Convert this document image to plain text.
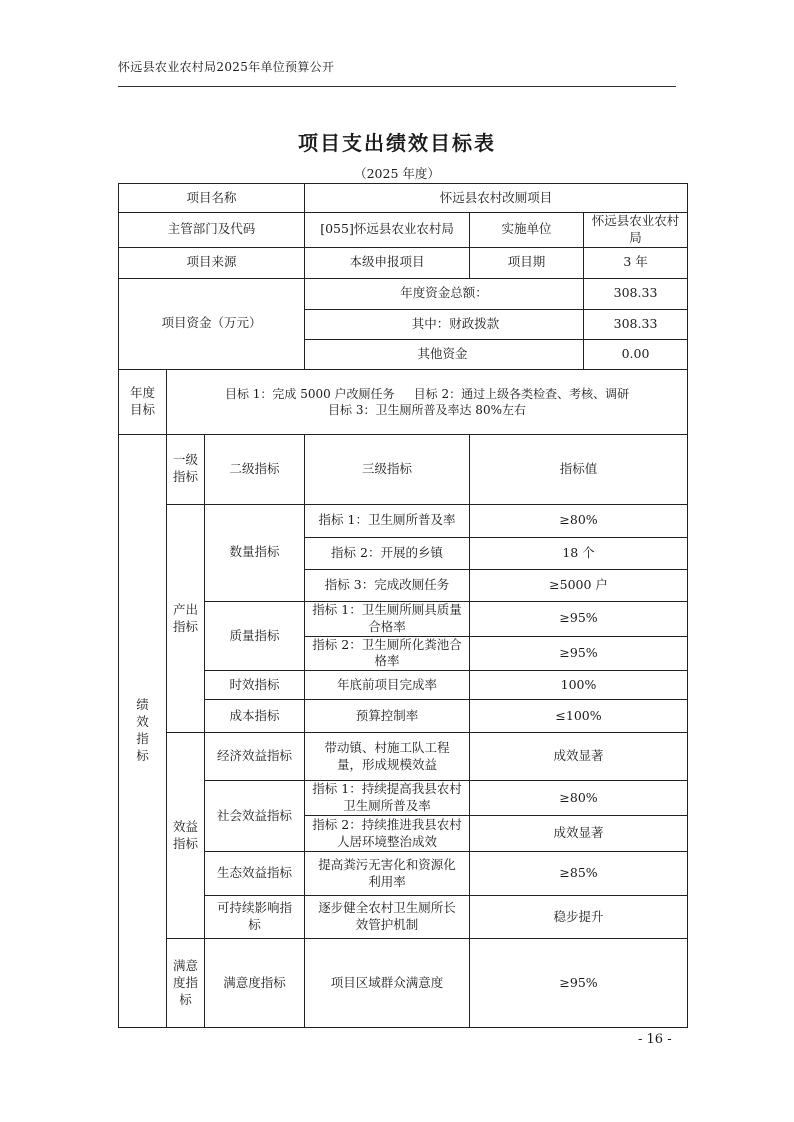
怀远县农业农村局2025年单位预算公开
项目支出绩效目标表
（2025 年度）
项目名称			怀远县农村改厕项目		
主管部门及代码			[055]怀远县农业农村局	实施单位	怀远县农业农村局
项目来源			本级申报项目	项目期	3 年
项目资金（万元）			年度资金总额：		308.33
			其中：财政拨款		308.33
			其他资金		0.00
年度目标	目标 1：完成 5000 户改厕任务     目标 2：通过上级各类检查、考核、调研
目标 3：卫生厕所普及率达 80%左右				

绩效指标	一级指标	二级指标	三级指标	指标值	
	产出指标	数量指标	指标 1：卫生厕所普及率	≥80%	
			指标 2：开展的乡镇	18 个	
			指标 3：完成改厕任务	≥5000 户	
		质量指标	指标 1：卫生厕所厕具质量合格率	≥95%	
			指标 2：卫生厕所化粪池合格率	≥95%	
		时效指标	年底前项目完成率	100%	
		成本指标	预算控制率	≤100%	
	效益指标	经济效益指标	带动镇、村施工队工程量，形成规模效益	成效显著	
		社会效益指标	指标 1：持续提高我县农村卫生厕所普及率	≥80%	
			指标 2：持续推进我县农村人居环境整治成效	成效显著	
		生态效益指标	提高粪污无害化和资源化利用率	≥85%	
		可持续影响指标	逐步健全农村卫生厕所长效管护机制	稳步提升	

	满意度指标	满意度指标	项目区域群众满意度	≥95%	
- 16 -
